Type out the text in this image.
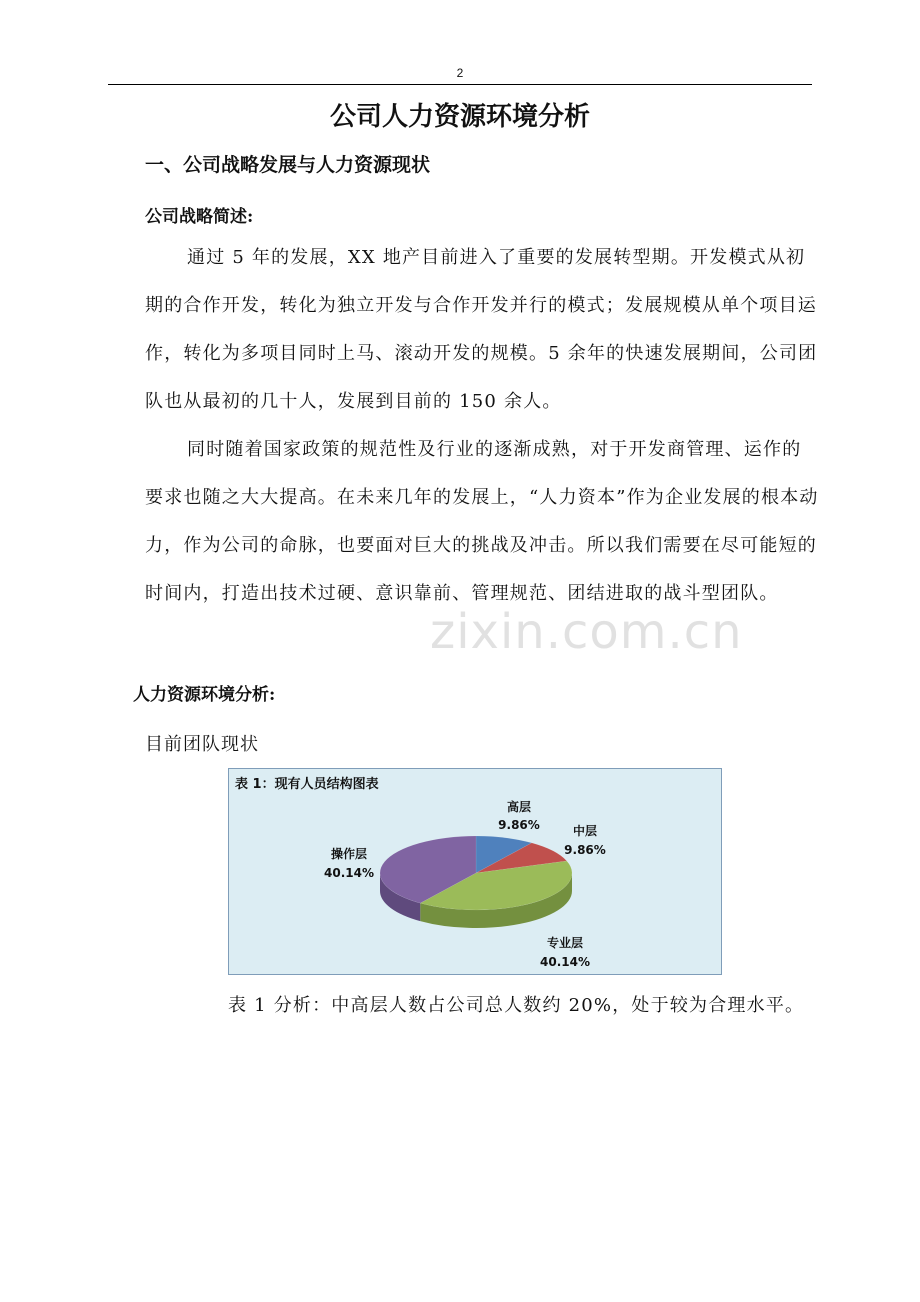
2
公司人力资源环境分析
一、公司战略发展与人力资源现状
公司战略简述:

通过 5 年的发展，XX 地产目前进入了重要的发展转型期。开发模式从初期的合作开发，转化为独立开发与合作开发并行的模式；发展规模从单个项目运作，转化为多项目同时上马、滚动开发的规模。5 余年的快速发展期间，公司团队也从最初的几十人，发展到目前的 150 余人。

同时随着国家政策的规范性及行业的逐渐成熟，对于开发商管理、运作的要求也随之大大提高。在未来几年的发展上，“人力资本”作为企业发展的根本动力，作为公司的命脉，也要面对巨大的挑战及冲击。所以我们需要在尽可能短的时间内，打造出技术过硬、意识靠前、管理规范、团结进取的战斗型团队。

zixin.com.cn
人力资源环境分析:

目前团队现状

高层
9.86%	中层
9.86%
专业层
40.14%
操作层
40.14%
表 1：现有人员结构图表

表 1 分析：中高层人数占公司总人数约 20%，处于较为合理水平。
